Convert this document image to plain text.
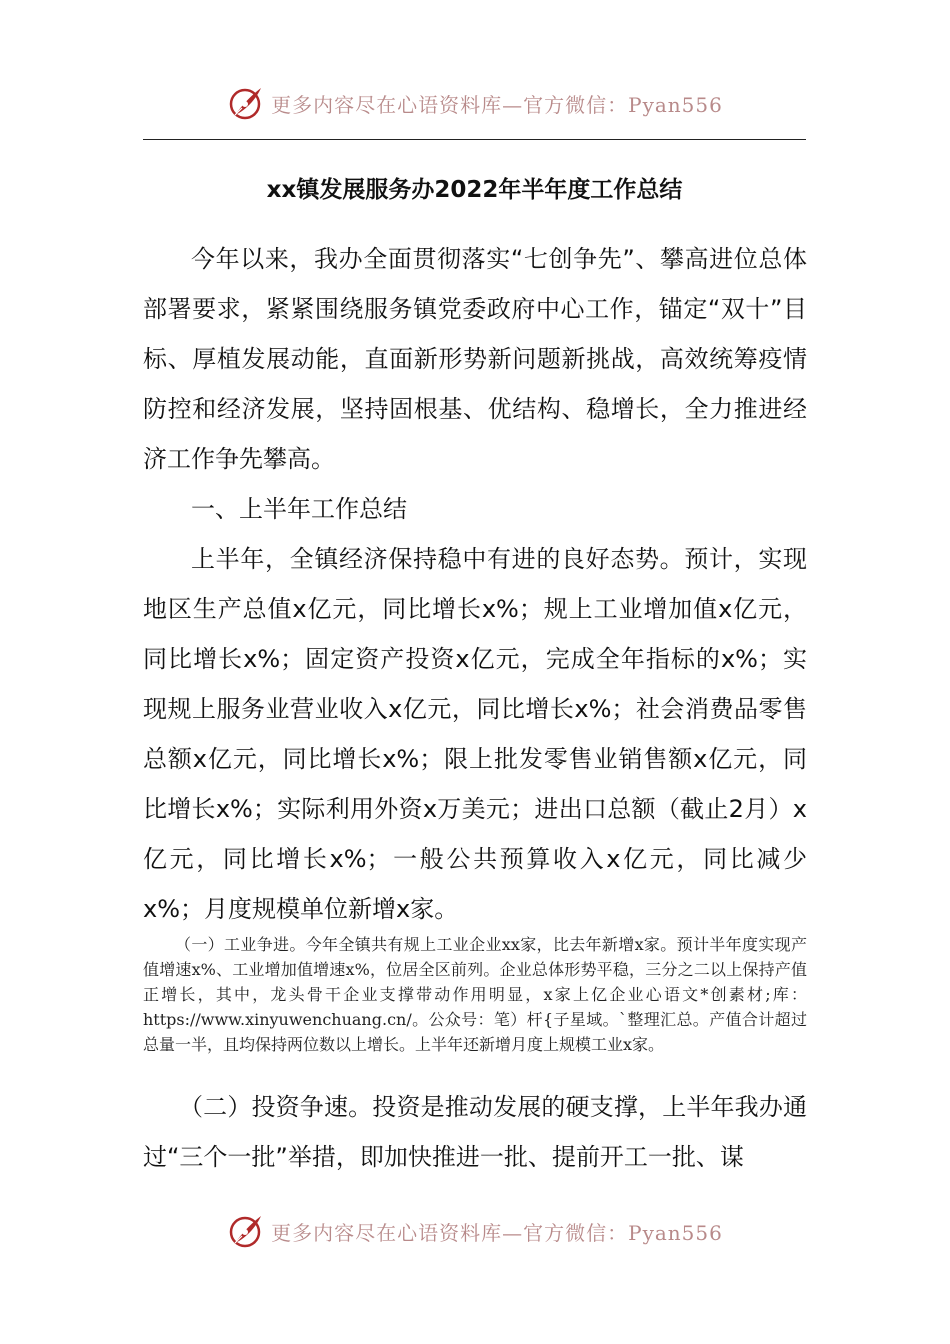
更多内容尽在心语资料库—官方微信：Pyan556
xx镇发展服务办2022年半年度工作总结

今年以来，我办全面贯彻落实“七创争先”、攀高进位总体部署要求，紧紧围绕服务镇党委政府中心工作，锚定“双十”目标、厚植发展动能，直面新形势新问题新挑战，高效统筹疫情防控和经济发展，坚持固根基、优结构、稳增长，全力推进经济工作争先攀高。

一、上半年工作总结

上半年，全镇经济保持稳中有进的良好态势。预计，实现地区生产总值x亿元，同比增长x%；规上工业增加值x亿元，同比增长x%；固定资产投资x亿元，完成全年指标的x%；实现规上服务业营业收入x亿元，同比增长x%；社会消费品零售总额x亿元，同比增长x%；限上批发零售业销售额x亿元，同比增长x%；实际利用外资x万美元；进出口总额（截止2月）x亿元，同比增长x%；一般公共预算收入x亿元，同比减少x%；月度规模单位新增x家。

（一）工业争进。今年全镇共有规上工业企业xx家，比去年新增x家。预计半年度实现产值增速x%、工业增加值增速x%，位居全区前列。企业总体形势平稳，三分之二以上保持产值正增长，其中，龙头骨干企业支撑带动作用明显，x家上亿企业心语文*创素材;库：https://www.xinyuwenchuang.cn/。公众号：笔）杆{子星域。`整理汇总。产值合计超过总量一半，且均保持两位数以上增长。上半年还新增月度上规模工业x家。

（二）投资争速。投资是推动发展的硬支撑，上半年我办通过“三个一批”举措，即加快推进一批、提前开工一批、谋

更多内容尽在心语资料库—官方微信：Pyan556
